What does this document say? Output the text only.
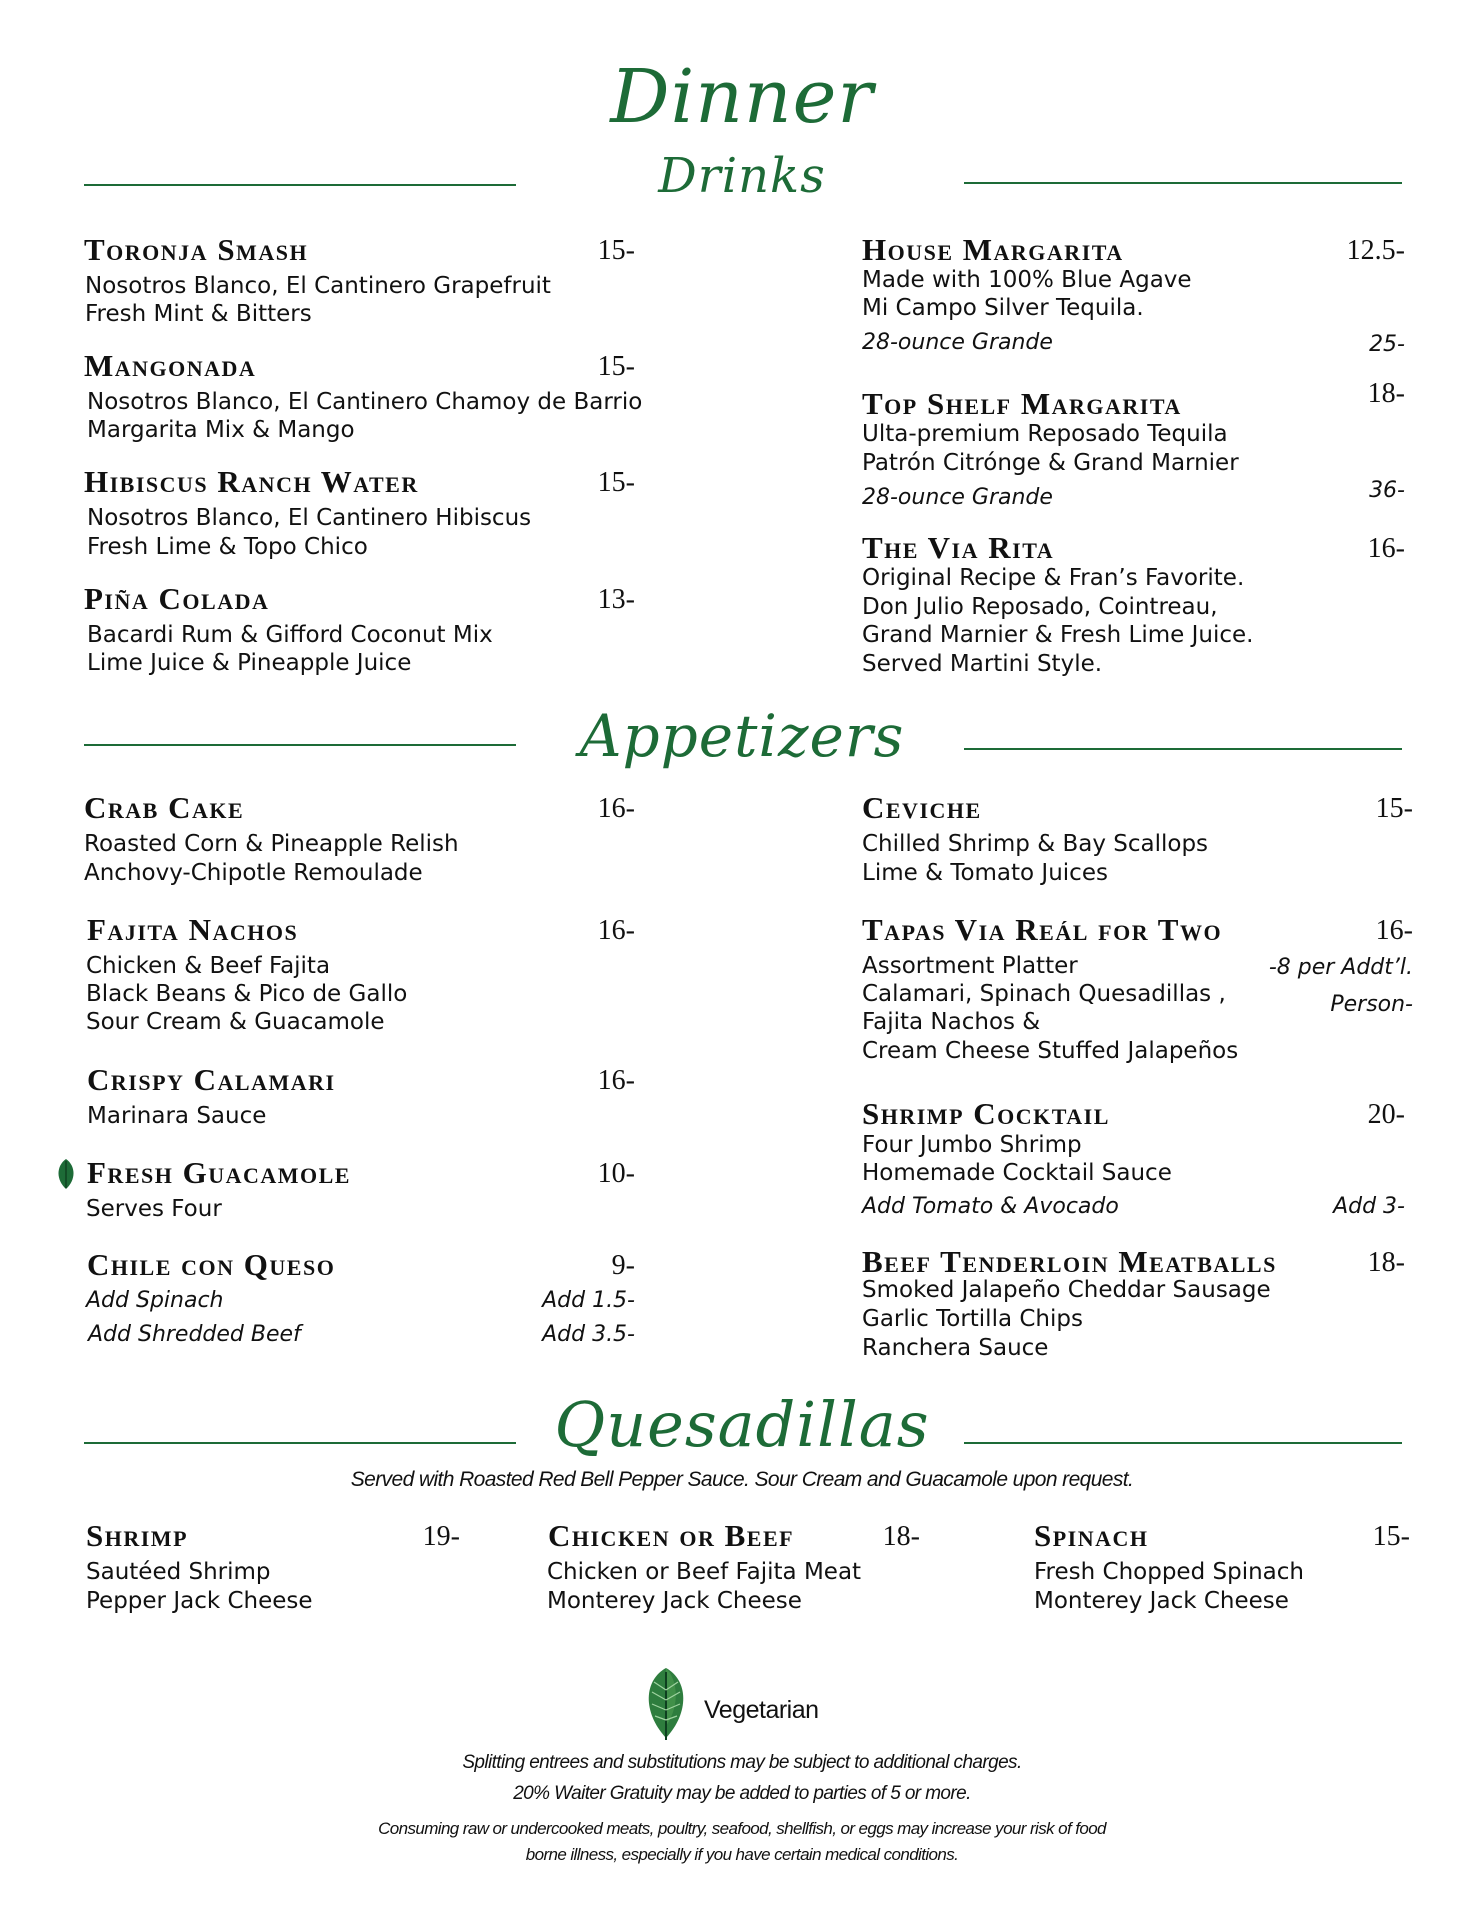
Dinner
Drinks
Toronja Smash	15-
Nosotros Blanco, El Cantinero Grapefruit
Fresh Mint & Bitters
Mangonada	15-
Nosotros Blanco, El Cantinero Chamoy de Barrio
Margarita Mix & Mango
Hibiscus Ranch Water	15-
Nosotros Blanco, El Cantinero Hibiscus
Fresh Lime & Topo Chico
Piña Colada	13-
Bacardi Rum & Gifford Coconut Mix
Lime Juice & Pineapple Juice
House Margarita	12.5-
Made with 100% Blue Agave
Mi Campo Silver Tequila.
28-ounce Grande	25-
Top Shelf Margarita	18-
Ulta-premium Reposado Tequila
Patrón Citrónge & Grand Marnier
28-ounce Grande	36-
The Via Rita	16-
Original Recipe & Fran’s Favorite.
Don Julio Reposado, Cointreau,
Grand Marnier & Fresh Lime Juice.
Served Martini Style.
Appetizers
Crab Cake	16-
Roasted Corn & Pineapple Relish
Anchovy-Chipotle Remoulade
Fajita Nachos	16-
Chicken & Beef Fajita
Black Beans & Pico de Gallo
Sour Cream & Guacamole
Crispy Calamari	16-
Marinara Sauce
Fresh Guacamole	10-
Serves Four
Chile con Queso	9-
Add Spinach	Add 1.5-
Add Shredded Beef	Add 3.5-
Ceviche	15-
Chilled Shrimp & Bay Scallops
Lime & Tomato Juices
Tapas Via Reál for Two	16-
-8 per Addt’l.
Person-
Assortment Platter
Calamari, Spinach Quesadillas ,
Fajita Nachos &
Cream Cheese Stuffed Jalapeños
Shrimp Cocktail	20-
Four Jumbo Shrimp
Homemade Cocktail Sauce
Add Tomato & Avocado	Add 3-
Beef Tenderloin Meatballs	18-
Smoked Jalapeño Cheddar Sausage
Garlic Tortilla Chips
Ranchera Sauce
Quesadillas
Served with Roasted Red Bell Pepper Sauce. Sour Cream and Guacamole upon request.
Shrimp	19-
Sautéed Shrimp
Pepper Jack Cheese
Chicken or Beef	18-
Chicken or Beef Fajita Meat
Monterey Jack Cheese
Spinach	15-
Fresh Chopped Spinach
Monterey Jack Cheese
Vegetarian
Splitting entrees and substitutions may be subject to additional charges.
20% Waiter Gratuity may be added to parties of 5 or more.
Consuming raw or undercooked meats, poultry, seafood, shellfish, or eggs may increase your risk of food
borne illness, especially if you have certain medical conditions.
